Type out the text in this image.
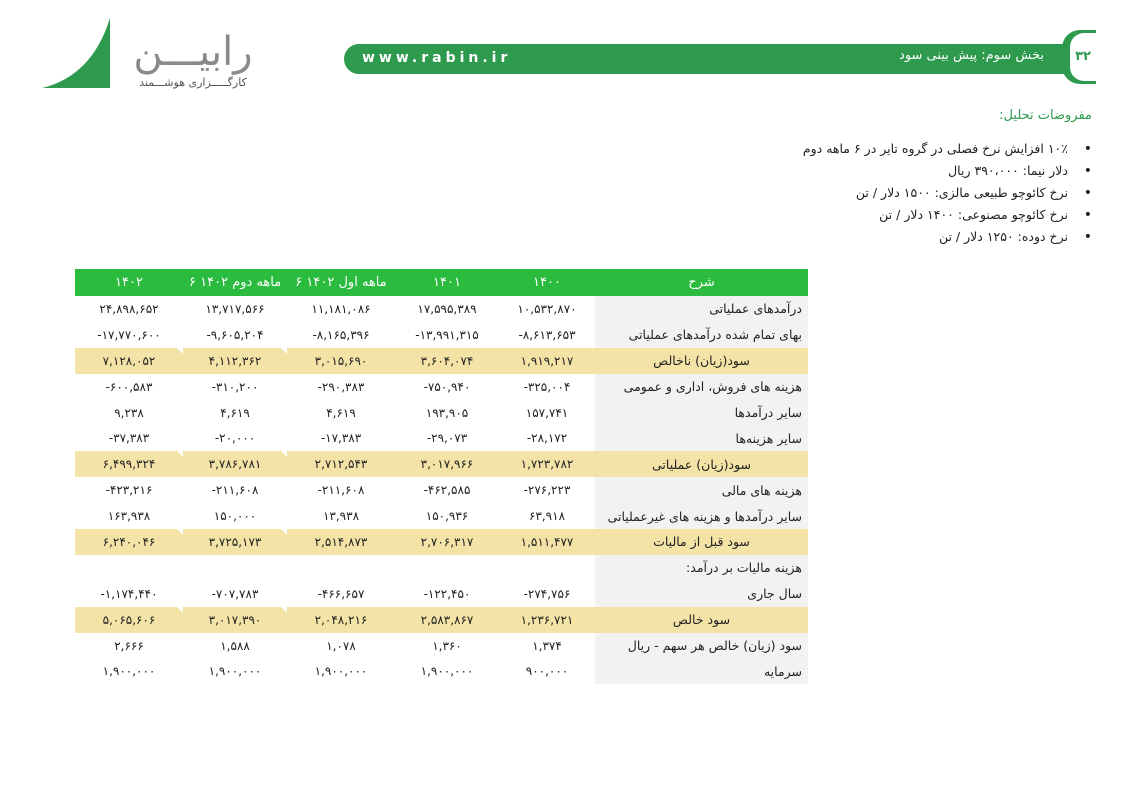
رابیـــن
کارگـــــزاری هوشـــمند
www.rabin.ir	بخش سوم: پیش بینی سود	۳۲
مفروضات تحلیل:
•
۱۰٪ افزایش نرخ فصلی در گروه تایر در ۶ ماهه دوم
•
دلار نیما: ۳۹۰،۰۰۰ ریال
•
نرخ کائوچو طبیعی مالزی: ۱۵۰۰ دلار / تن
•
نرخ کائوچو مصنوعی: ۱۴۰۰ دلار / تن
•
نرخ دوده: ۱۲۵۰ دلار / تن
۱۴۰۲	۶ ماهه دوم ۱۴۰۲	۶ ماهه اول ۱۴۰۲	۱۴۰۱	۱۴۰۰	شرح
۲۴,۸۹۸,۶۵۲	۱۳,۷۱۷,۵۶۶	۱۱,۱۸۱,۰۸۶	۱۷,۵۹۵,۳۸۹	۱۰,۵۳۲,۸۷۰	درآمدهای عملیاتی
-۱۷,۷۷۰,۶۰۰	-۹,۶۰۵,۲۰۴	-۸,۱۶۵,۳۹۶	-۱۳,۹۹۱,۳۱۵	-۸,۶۱۳,۶۵۳	بهای تمام شده درآمدهای عملیاتی
۷,۱۲۸,۰۵۲	۴,۱۱۲,۳۶۲	۳,۰۱۵,۶۹۰	۳,۶۰۴,۰۷۴	۱,۹۱۹,۲۱۷	سود(زیان) ناخالص
-۶۰۰,۵۸۳	-۳۱۰,۲۰۰	-۲۹۰,۳۸۳	-۷۵۰,۹۴۰	-۳۲۵,۰۰۴	هزینه های فروش، اداری و عمومی
۹,۲۳۸	۴,۶۱۹	۴,۶۱۹	۱۹۳,۹۰۵	۱۵۷,۷۴۱	سایر درآمدها
-۳۷,۳۸۳	-۲۰,۰۰۰	-۱۷,۳۸۳	-۲۹,۰۷۳	-۲۸,۱۷۲	سایر هزینه‌ها
۶,۴۹۹,۳۲۴	۳,۷۸۶,۷۸۱	۲,۷۱۲,۵۴۳	۳,۰۱۷,۹۶۶	۱,۷۲۳,۷۸۲	سود(زیان) عملیاتی
-۴۲۳,۲۱۶	-۲۱۱,۶۰۸	-۲۱۱,۶۰۸	-۴۶۲,۵۸۵	-۲۷۶,۲۲۳	هزینه های مالی
۱۶۳,۹۳۸	۱۵۰,۰۰۰	۱۳,۹۳۸	۱۵۰,۹۳۶	۶۳,۹۱۸	سایر درآمدها و هزینه های غیرعملیاتی
۶,۲۴۰,۰۴۶	۳,۷۲۵,۱۷۳	۲,۵۱۴,۸۷۳	۲,۷۰۶,۳۱۷	۱,۵۱۱,۴۷۷	سود قبل از مالیات
					هزینه مالیات بر درآمد:
-۱,۱۷۴,۴۴۰	-۷۰۷,۷۸۳	-۴۶۶,۶۵۷	-۱۲۲,۴۵۰	-۲۷۴,۷۵۶	سال جاری
۵,۰۶۵,۶۰۶	۳,۰۱۷,۳۹۰	۲,۰۴۸,۲۱۶	۲,۵۸۳,۸۶۷	۱,۲۳۶,۷۲۱	سود خالص
۲,۶۶۶	۱,۵۸۸	۱,۰۷۸	۱,۳۶۰	۱,۳۷۴	سود (زیان) خالص هر سهم - ریال
۱,۹۰۰,۰۰۰	۱,۹۰۰,۰۰۰	۱,۹۰۰,۰۰۰	۱,۹۰۰,۰۰۰	۹۰۰,۰۰۰	سرمایه
